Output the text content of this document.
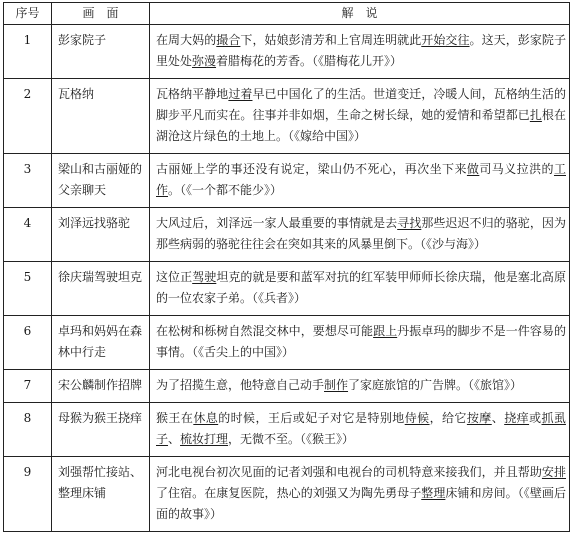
序号	画　面	解　说
1	彭家院子	在周大妈的撮合下，姑娘彭清芳和上官周连明就此开始交往。这天，彭家院子里处处弥漫着腊梅花的芳香。（《腊梅花儿开》）
2	瓦格纳	瓦格纳平静地过着早已中国化了的生活。世道变迁，冷暖人间，瓦格纳生活的脚步平凡而实在。往事并非如烟，生命之树长绿，她的爱情和希望都已扎根在湖沧这片绿色的土地上。（《嫁给中国》）
3	梁山和古丽娅的父亲聊天	古丽娅上学的事还没有说定，梁山仍不死心，再次坐下来做司马义拉洪的工作。（《一个都不能少》）
4	刘泽远找骆驼	大风过后，刘泽远一家人最重要的事情就是去寻找那些迟迟不归的骆驼，因为那些病弱的骆驼往往会在突如其来的风暴里倒下。（《沙与海》）
5	徐庆瑞驾驶坦克	这位正驾驶坦克的就是要和蓝军对抗的红军装甲师师长徐庆瑞，他是塞北高原的一位农家子弟。（《兵者》）
6	卓玛和妈妈在森林中行走	在松树和栎树自然混交林中，要想尽可能跟上丹振卓玛的脚步不是一件容易的事情。（《舌尖上的中国》）
7	宋公麟制作招牌	为了招揽生意，他特意自己动手制作了家庭旅馆的广告牌。（《旅馆》）
8	母猴为猴王挠痒	猴王在休息的时候，王后或妃子对它是特别地侍候，给它按摩、挠痒或抓虱子、梳妆打理，无微不至。（《猴王》）
9	刘强帮忙接站、整理床铺	河北电视台初次见面的记者刘强和电视台的司机特意来接我们，并且帮助安排了住宿。在康复医院，热心的刘强又为陶先勇母子整理床铺和房间。（《壁画后面的故事》）
